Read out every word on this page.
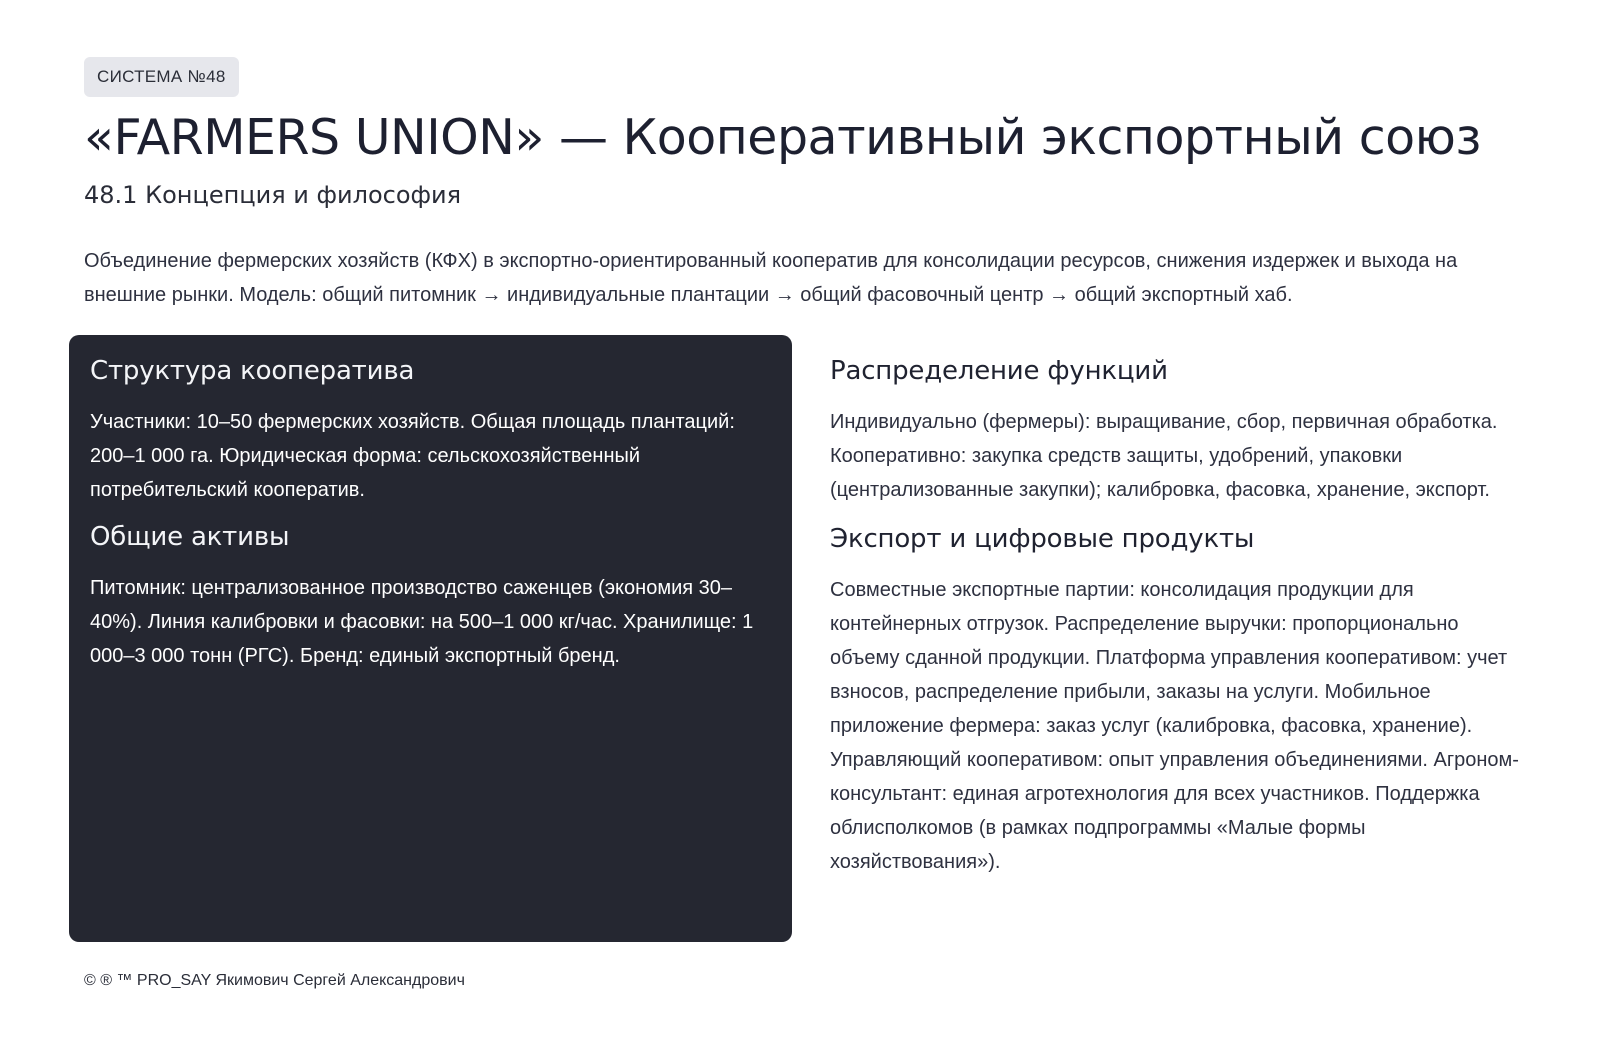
СИСТЕМА №48
«FARMERS UNION» — Кооперативный экспортный союз
48.1 Концепция и философия

Объединение фермерских хозяйств (КФХ) в экспортно-ориентированный кооператив для консолидации ресурсов, снижения издержек и выхода на внешние рынки. Модель: общий питомник → индивидуальные плантации → общий фасовочный центр → общий экспортный хаб.

Структура кооператива

Участники: 10–50 фермерских хозяйств. Общая площадь плантаций: 200–1 000 га. Юридическая форма: сельскохозяйственный потребительский кооператив.

Общие активы

Питомник: централизованное производство саженцев (экономия 30–40%). Линия калибровки и фасовки: на 500–1 000 кг/час. Хранилище: 1 000–3 000 тонн (РГС). Бренд: единый экспортный бренд.

Распределение функций

Индивидуально (фермеры): выращивание, сбор, первичная обработка. Кооперативно: закупка средств защиты, удобрений, упаковки (централизованные закупки); калибровка, фасовка, хранение, экспорт.

Экспорт и цифровые продукты

Совместные экспортные партии: консолидация продукции для контейнерных отгрузок. Распределение выручки: пропорционально объему сданной продукции. Платформа управления кооперативом: учет взносов, распределение прибыли, заказы на услуги. Мобильное приложение фермера: заказ услуг (калибровка, фасовка, хранение). Управляющий кооперативом: опыт управления объединениями. Агроном-консультант: единая агротехнология для всех участников. Поддержка облисполкомов (в рамках подпрограммы «Малые формы хозяйствования»).

© ® ™ PRO_SAY Якимович Сергей Александрович
